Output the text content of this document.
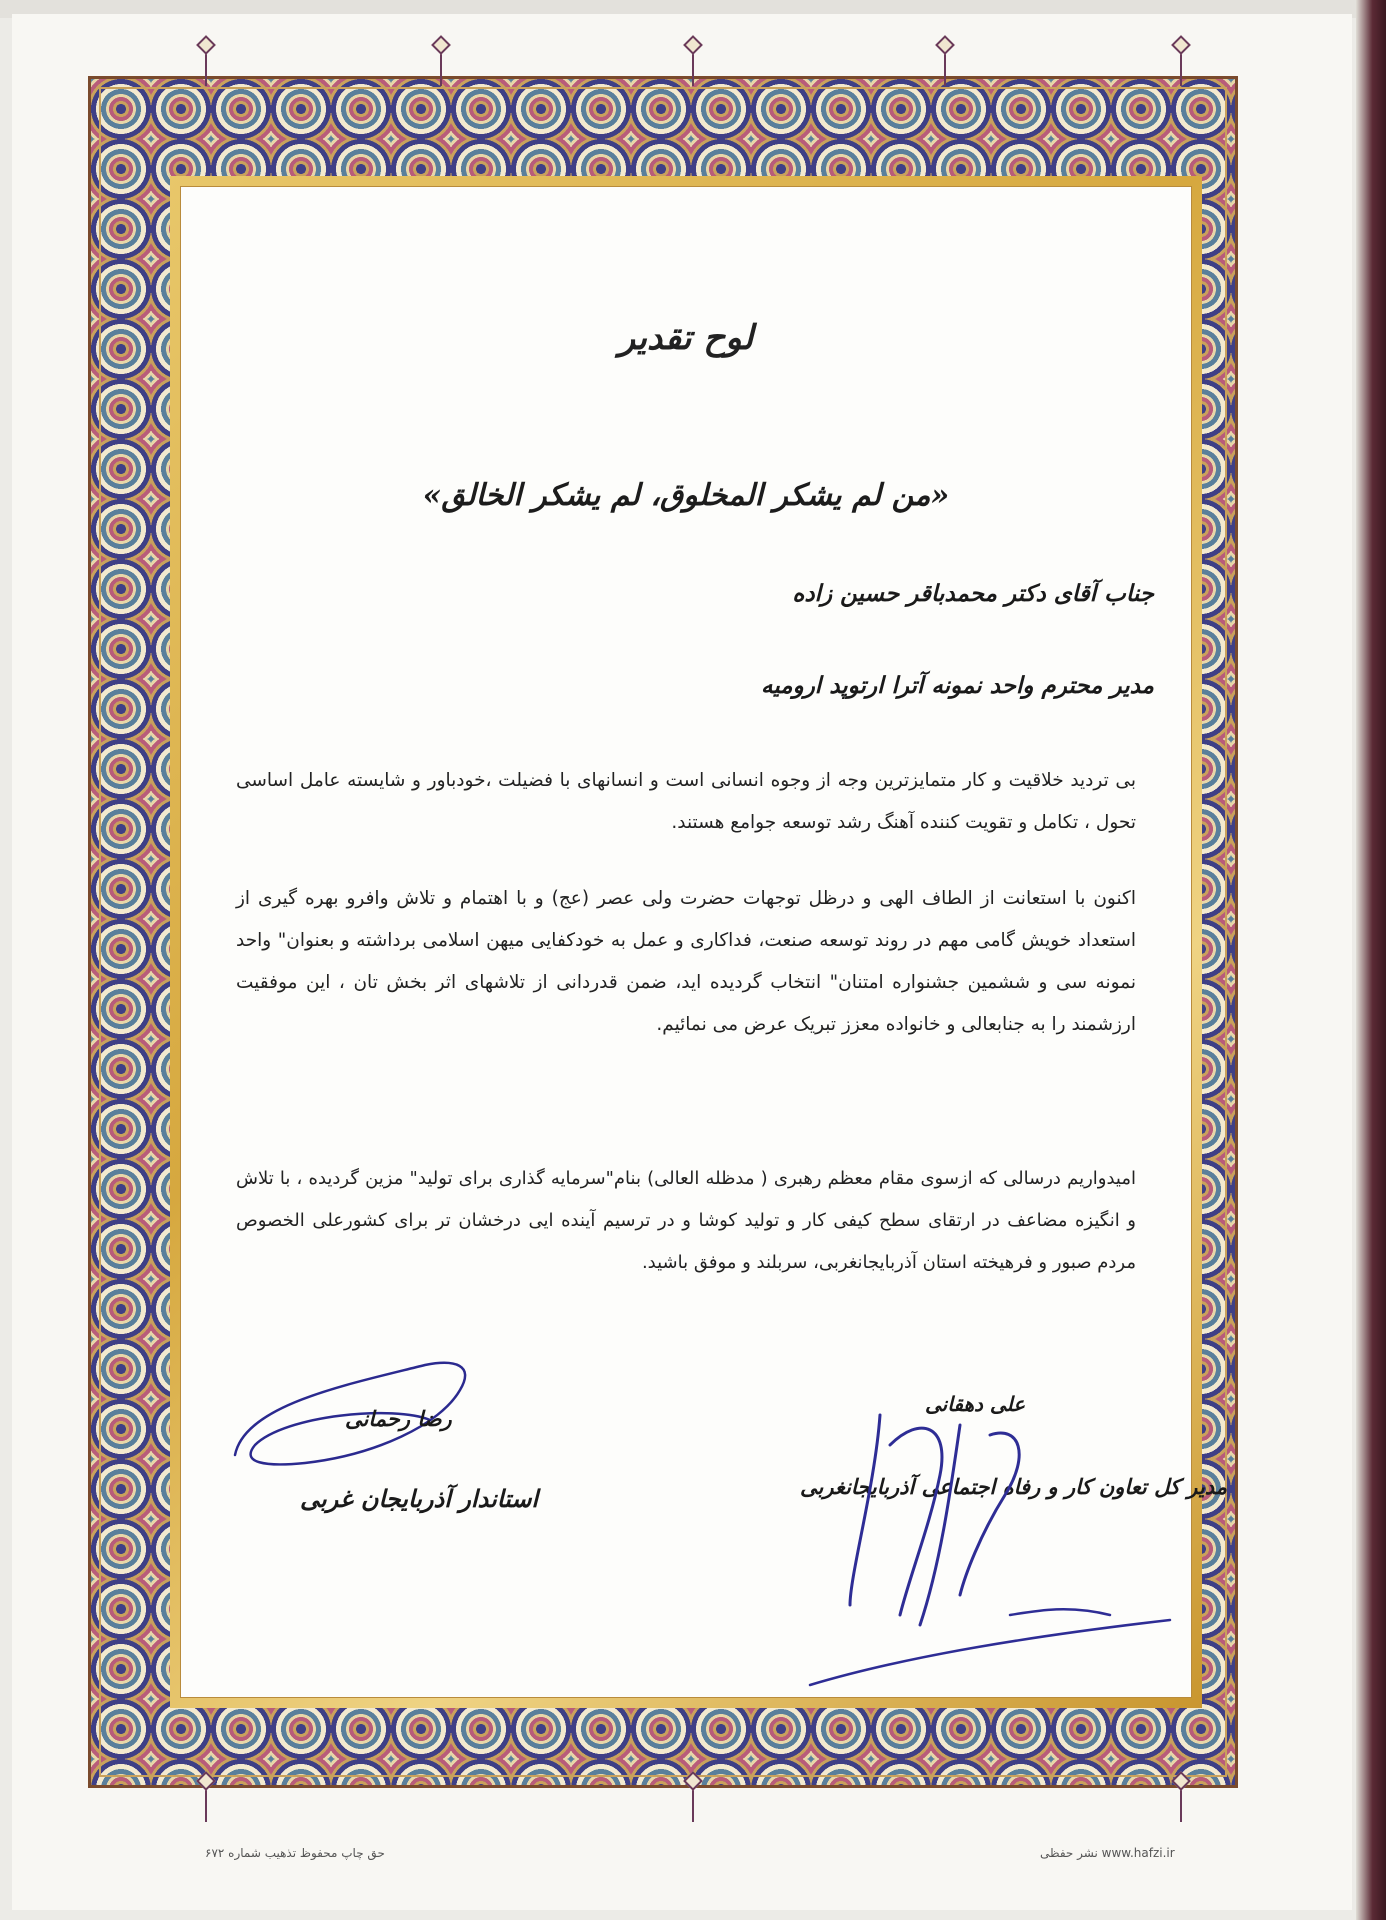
لوح تقدیر
«من لم یشکر المخلوق، لم یشکر الخالق»
جناب آقای دکتر محمدباقر حسین زاده
مدیر محترم واحد نمونه آترا ارتوپد ارومیه
بی تردید خلاقیت و کار متمایزترین وجه از وجوه انسانی است و انسانهای با فضیلت ،خودباور و شایسته عامل اساسی تحول ، تکامل و تقویت کننده آهنگ رشد توسعه جوامع هستند.
اکنون با استعانت از الطاف الهی و درظل توجهات حضرت ولی عصر (عج) و با اهتمام و تلاش وافرو بهره گیری از استعداد خویش گامی مهم در روند توسعه صنعت، فداکاری و عمل به خودکفایی میهن اسلامی برداشته و بعنوان" واحد نمونه سی و ششمین جشنواره امتنان" انتخاب گردیده اید، ضمن قدردانی از تلاشهای اثر بخش تان ، این موفقیت ارزشمند را به جنابعالی و خانواده معزز تبریک عرض می نمائیم.
امیدواریم درسالی که ازسوی مقام معظم رهبری ( مدظله العالی) بنام"سرمایه گذاری برای تولید" مزین گردیده ، با تلاش و انگیزه مضاعف در ارتقای سطح کیفی کار و تولید کوشا و در ترسیم آینده ایی درخشان تر برای کشورعلی الخصوص مردم صبور و فرهیخته استان آذربایجانغربی، سربلند و موفق باشید.
رضا رحمانی
استاندار آذربایجان غربی
علی دهقانی
مدیر کل تعاون کار و رفاه اجتماعی آذربایجانغربی
حق چاپ محفوظ تذهیب شماره ۶۷۲	www.hafzi.ir نشر حفظی
